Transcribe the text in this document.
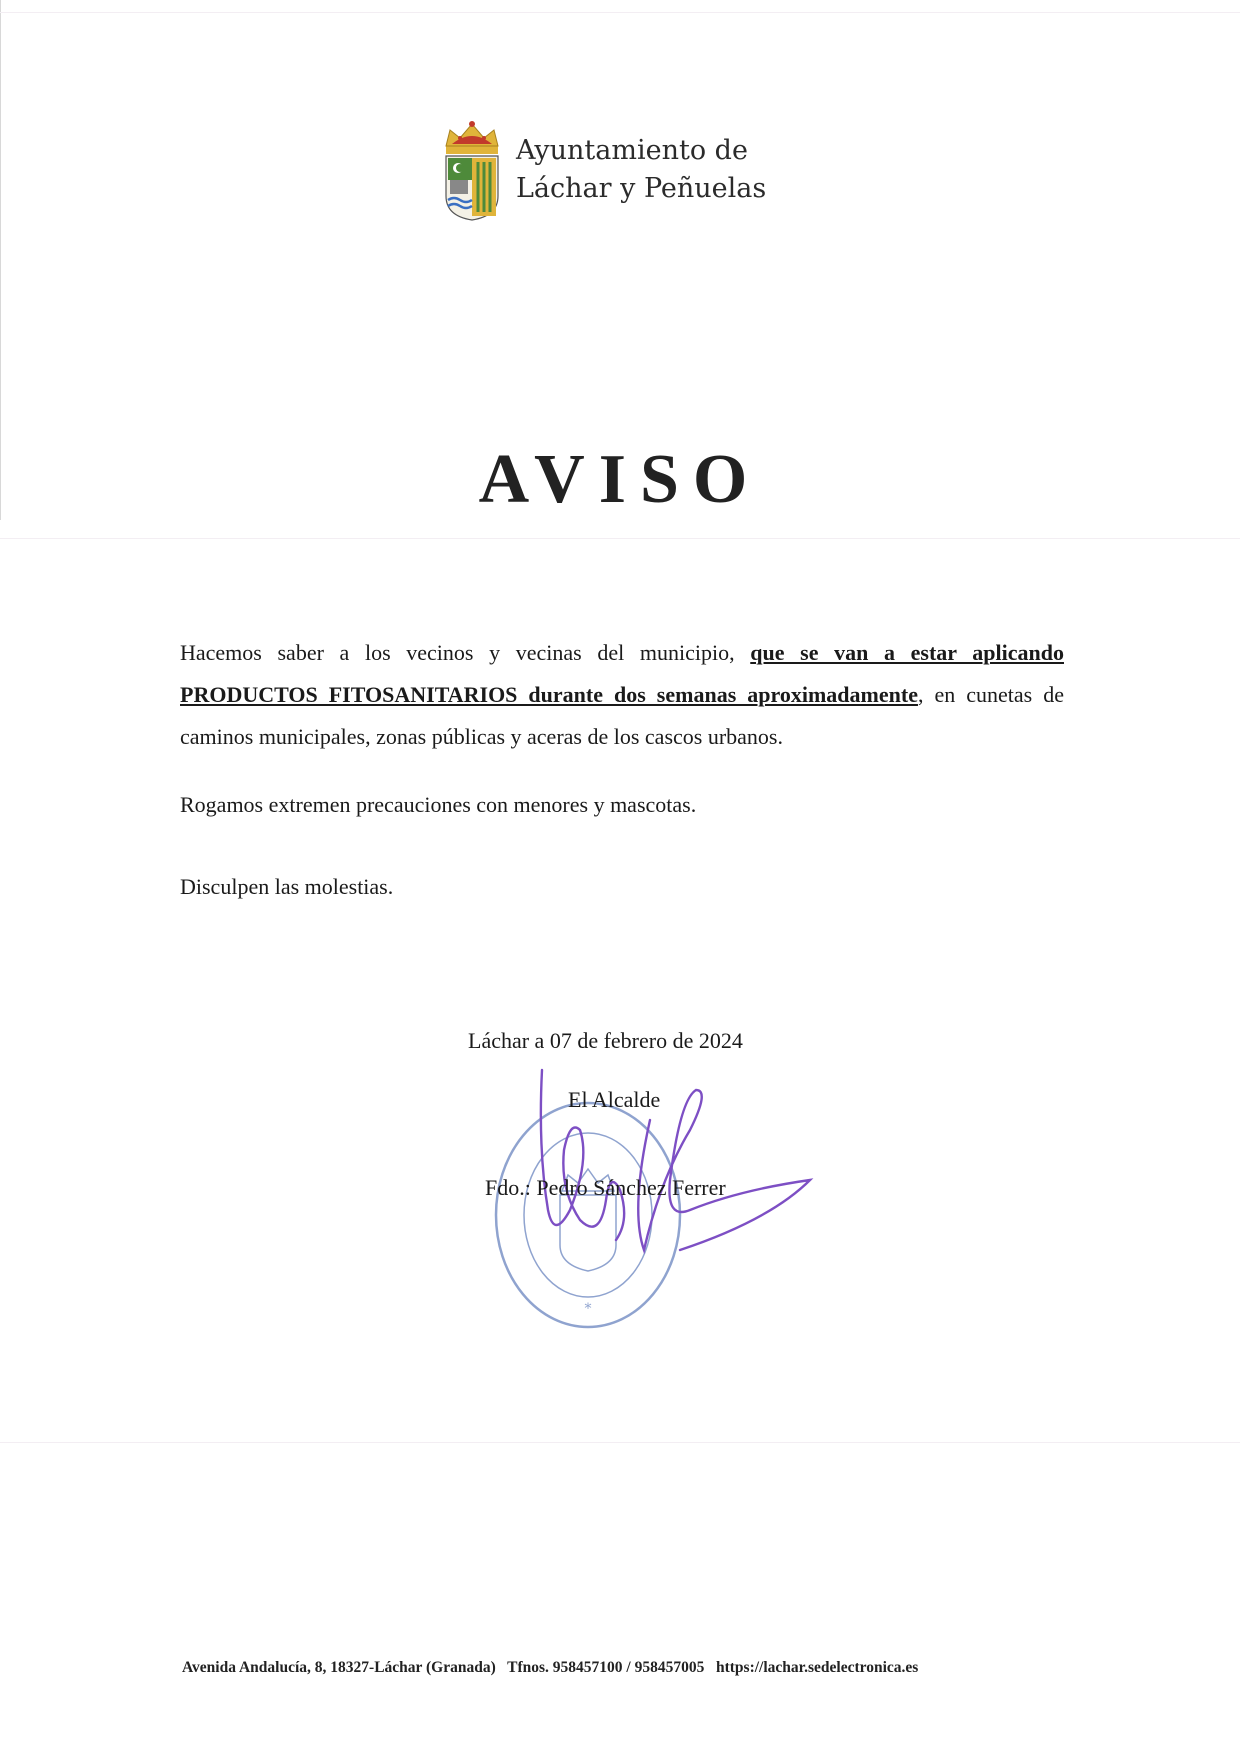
Ayuntamiento de
Láchar y Peñuelas
AVISO

Hacemos saber a los vecinos y vecinas del municipio, que se van a estar aplicando PRODUCTOS FITOSANITARIOS durante dos semanas aproximadamente, en cunetas de caminos municipales, zonas públicas y aceras de los cascos urbanos.

Rogamos extremen precauciones con menores y mascotas.

Disculpen las molestias.

Láchar a 07 de febrero de 2024
*
El Alcalde
Fdo.: Pedro Sánchez Ferrer
Avenida Andalucía, 8, 18327-Láchar (Granada) Tfnos. 958457100 / 958457005 https://lachar.sedelectronica.es
